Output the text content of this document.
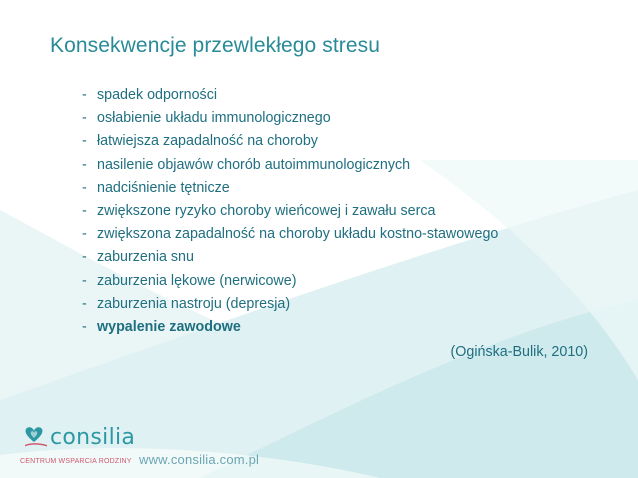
Konsekwencje przewlekłego stresu
- spadek odporności
- osłabienie układu immunologicznego
- łatwiejsza zapadalność na choroby
- nasilenie objawów chorób autoimmunologicznych
- nadciśnienie tętnicze
- zwiększone ryzyko choroby wieńcowej i zawału serca
- zwiększona zapadalność na choroby układu kostno-stawowego
- zaburzenia snu
- zaburzenia lękowe (nerwicowe)
- zaburzenia nastroju (depresja)
- wypalenie zawodowe
(Ogińska-Bulik, 2010)
consilia
CENTRUM WSPARCIA RODZINY www.consilia.com.pl
